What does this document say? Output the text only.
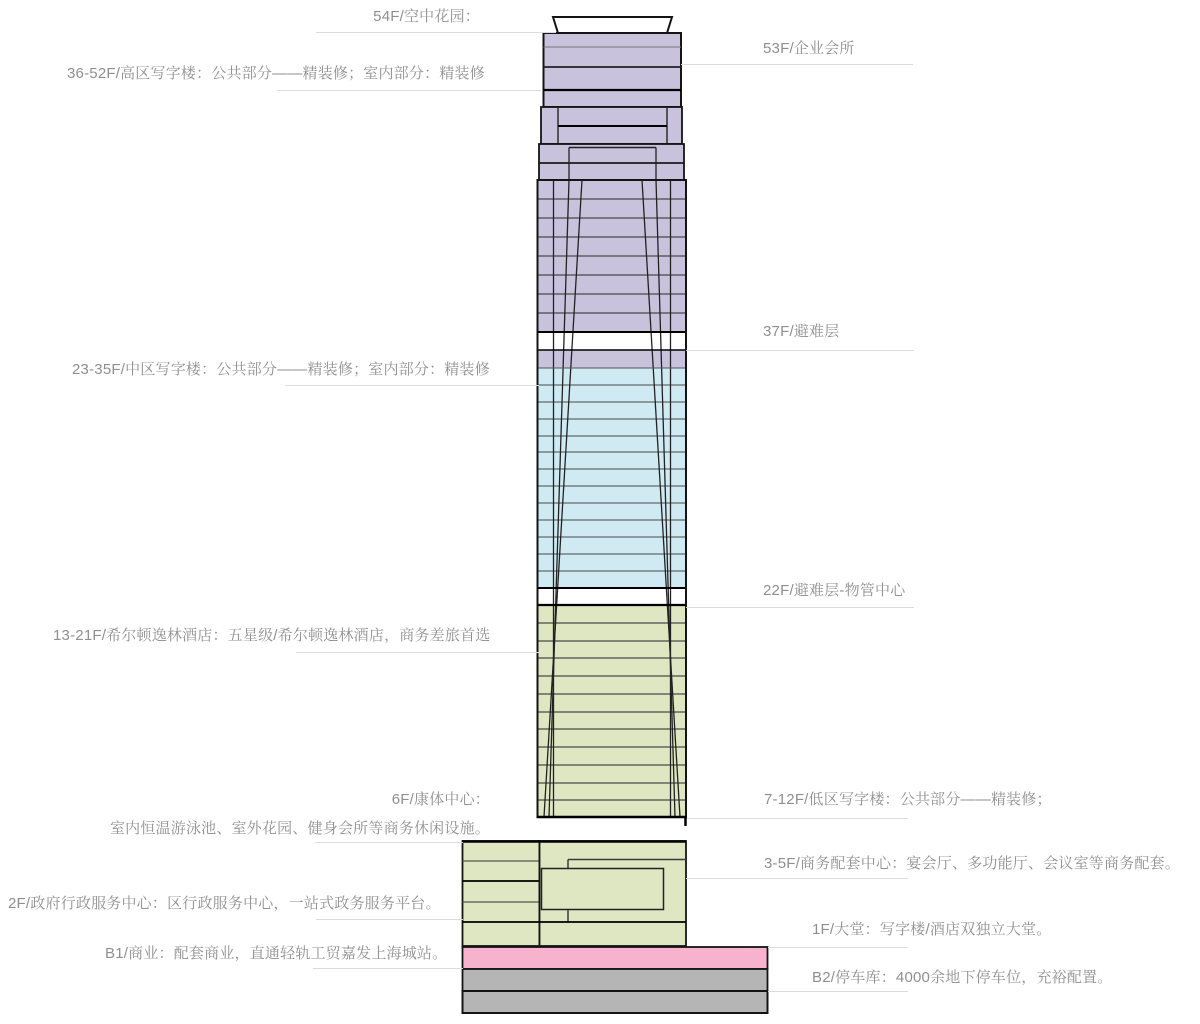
54F/空中花园：
36-52F/高区写字楼：公共部分——精装修；室内部分：精装修
23-35F/中区写字楼：公共部分——精装修；室内部分：精装修
13-21F/希尔顿逸林酒店：五星级/希尔顿逸林酒店，商务差旅首选
6F/康体中心：
室内恒温游泳池、室外花园、健身会所等商务休闲设施。
2F/政府行政服务中心：区行政服务中心，一站式政务服务平台。
B1/商业：配套商业，直通轻轨工贸嘉发上海城站。
53F/企业会所
37F/避难层
22F/避难层-物管中心
7-12F/低区写字楼：公共部分——精装修；
3-5F/商务配套中心：宴会厅、多功能厅、会议室等商务配套。
1F/大堂：写字楼/酒店双独立大堂。
B2/停车库：4000余地下停车位，充裕配置。
